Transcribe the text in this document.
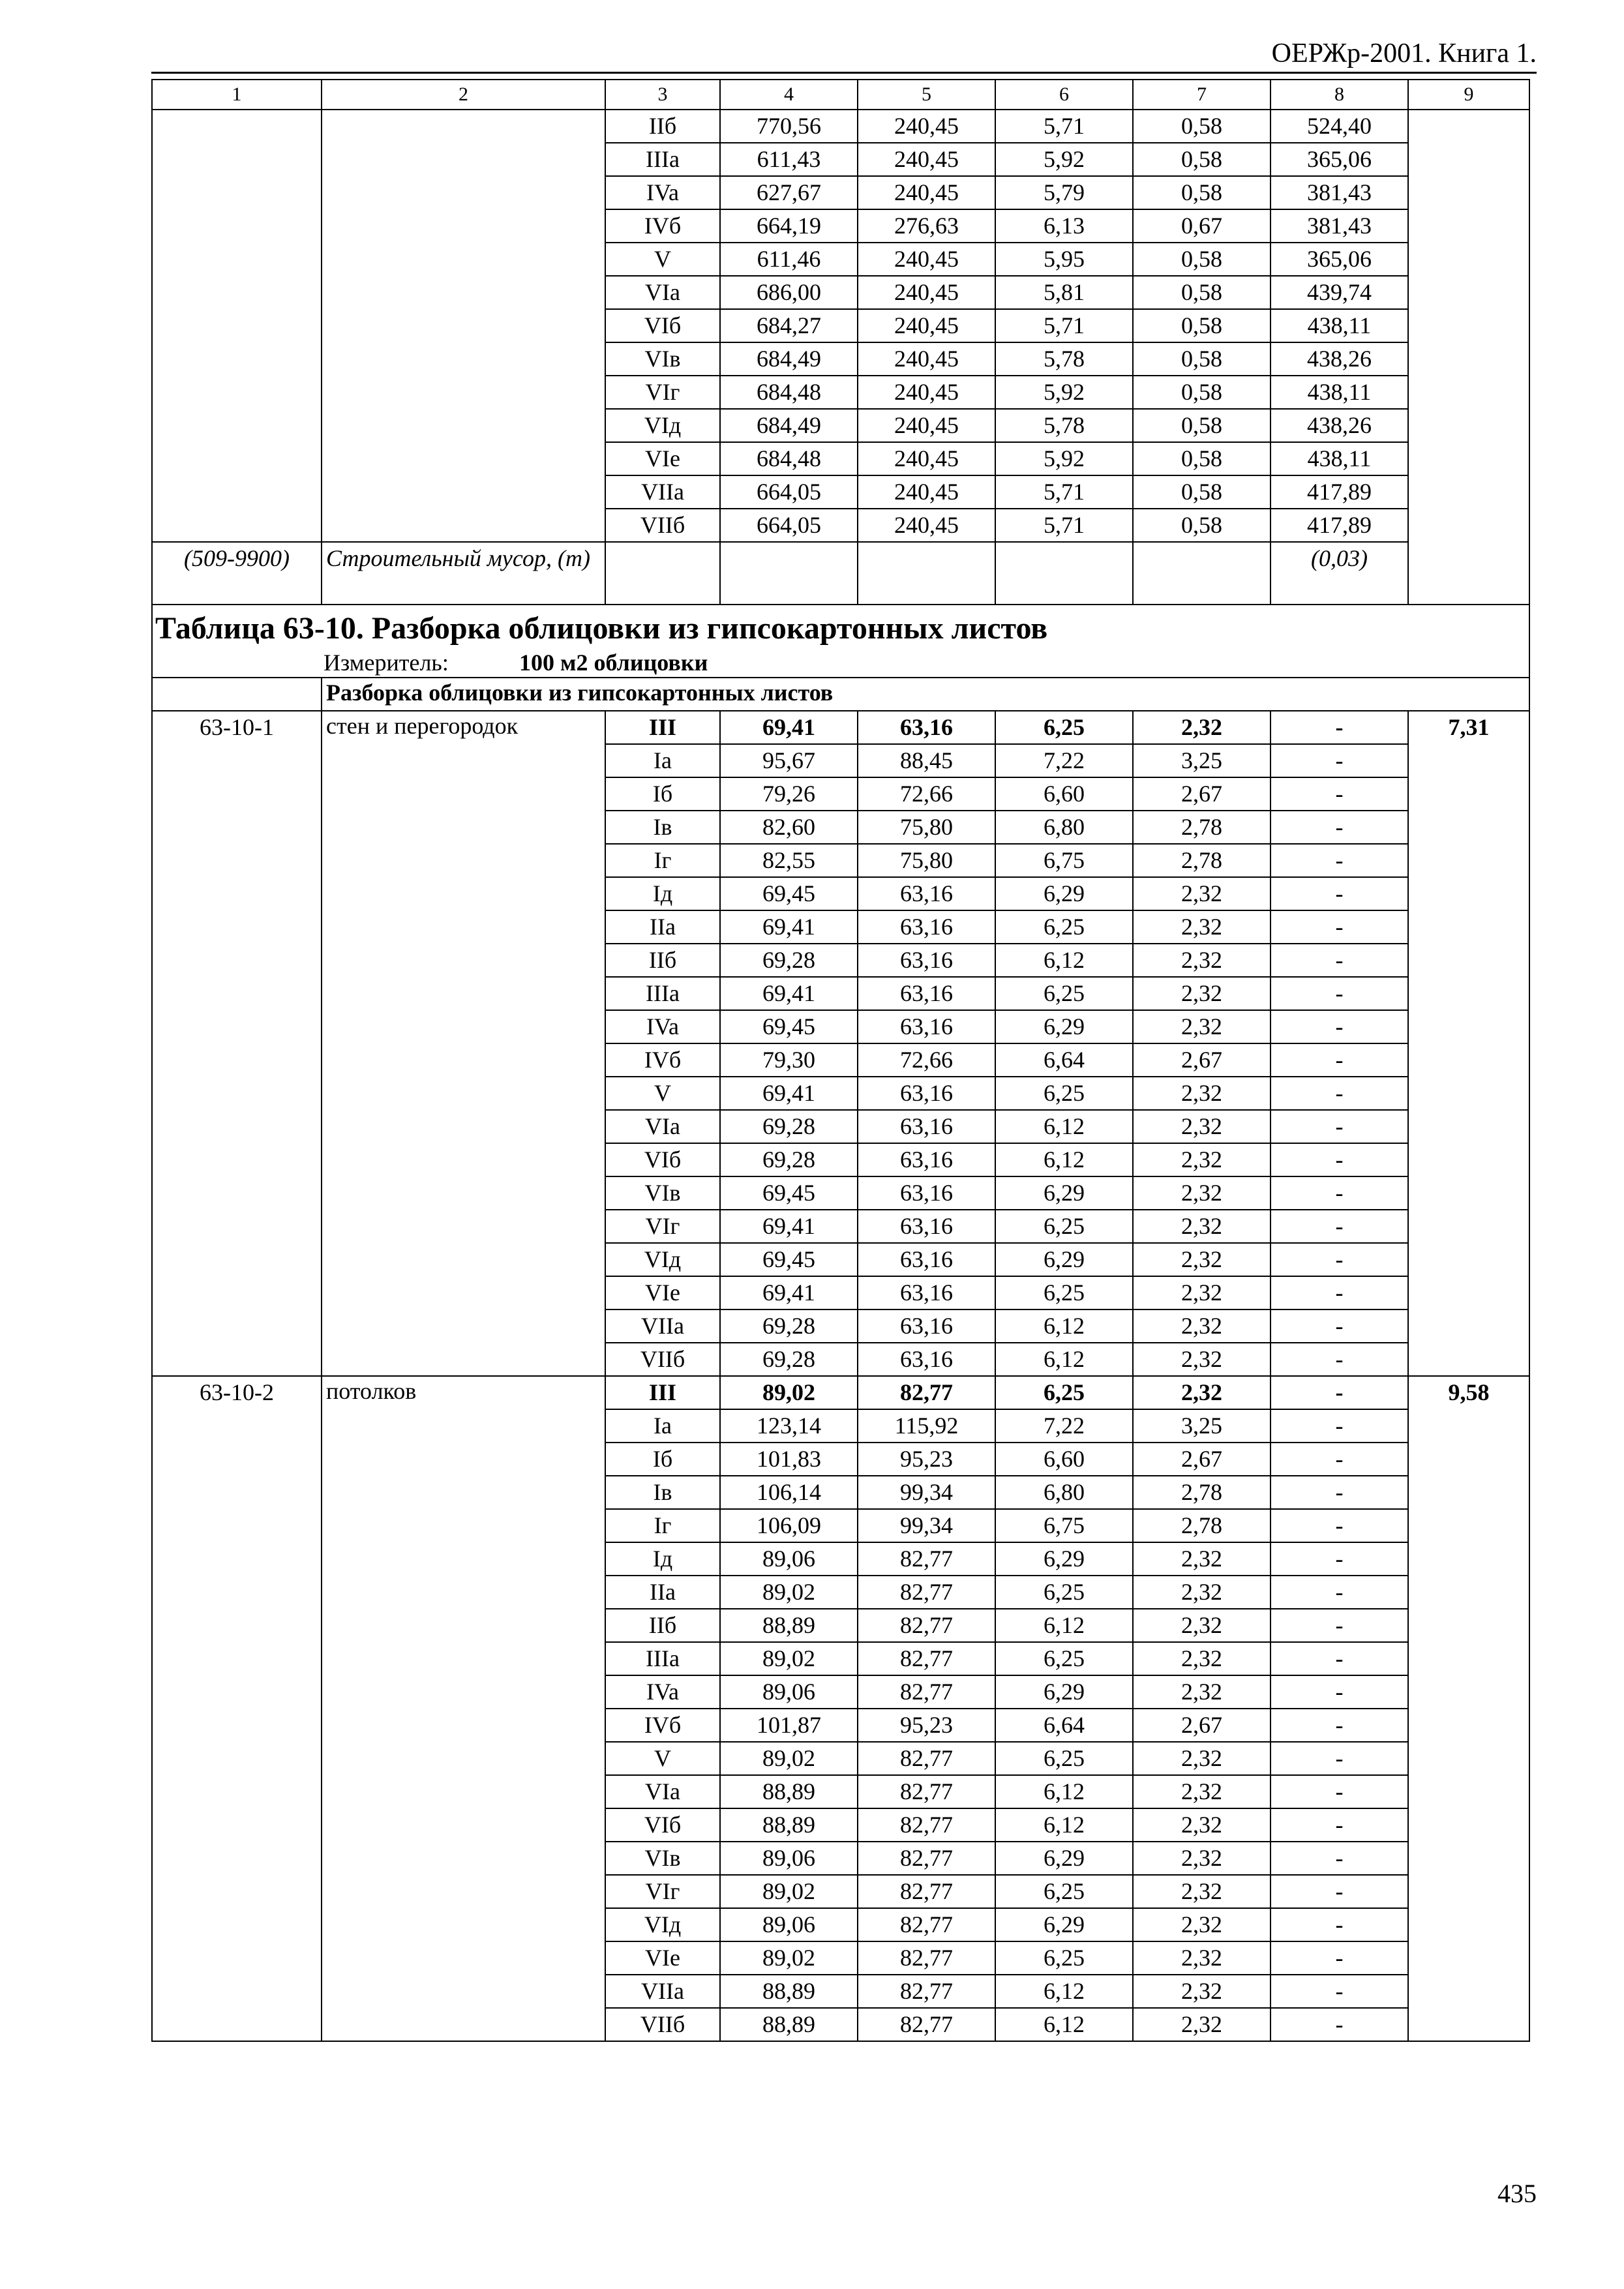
ОЕРЖр-2001. Книга 1.
1	2	3	4	5	6	7	8	9
		IIб	770,56	240,45	5,71	0,58	524,40	
		IIIa	611,43	240,45	5,92	0,58	365,06	
		IVa	627,67	240,45	5,79	0,58	381,43	
		IVб	664,19	276,63	6,13	0,67	381,43	
		V	611,46	240,45	5,95	0,58	365,06	
		VIa	686,00	240,45	5,81	0,58	439,74	
		VIб	684,27	240,45	5,71	0,58	438,11	
		VIв	684,49	240,45	5,78	0,58	438,26	
		VIг	684,48	240,45	5,92	0,58	438,11	
		VIд	684,49	240,45	5,78	0,58	438,26	
		VIe	684,48	240,45	5,92	0,58	438,11	
		VIIa	664,05	240,45	5,71	0,58	417,89	
		VIIб	664,05	240,45	5,71	0,58	417,89	
(509-9900)	Строительный мусор, (т)						(0,03)	
Таблица 63-10. Разборка облицовки из гипсокартонных листов								
Измеритель: 100 м2 облицовки								
	Разборка облицовки из гипсокартонных листов							
63-10-1	стен и перегородок	III	69,41	63,16	6,25	2,32	-	7,31
		Ia	95,67	88,45	7,22	3,25	-	
		Iб	79,26	72,66	6,60	2,67	-	
		Iв	82,60	75,80	6,80	2,78	-	
		Iг	82,55	75,80	6,75	2,78	-	
		Iд	69,45	63,16	6,29	2,32	-	
		IIa	69,41	63,16	6,25	2,32	-	
		IIб	69,28	63,16	6,12	2,32	-	
		IIIa	69,41	63,16	6,25	2,32	-	
		IVa	69,45	63,16	6,29	2,32	-	
		IVб	79,30	72,66	6,64	2,67	-	
		V	69,41	63,16	6,25	2,32	-	
		VIa	69,28	63,16	6,12	2,32	-	
		VIб	69,28	63,16	6,12	2,32	-	
		VIв	69,45	63,16	6,29	2,32	-	
		VIг	69,41	63,16	6,25	2,32	-	
		VIд	69,45	63,16	6,29	2,32	-	
		VIe	69,41	63,16	6,25	2,32	-	
		VIIa	69,28	63,16	6,12	2,32	-	
		VIIб	69,28	63,16	6,12	2,32	-	
63-10-2	потолков	III	89,02	82,77	6,25	2,32	-	9,58
		Ia	123,14	115,92	7,22	3,25	-	
		Iб	101,83	95,23	6,60	2,67	-	
		Iв	106,14	99,34	6,80	2,78	-	
		Iг	106,09	99,34	6,75	2,78	-	
		Iд	89,06	82,77	6,29	2,32	-	
		IIa	89,02	82,77	6,25	2,32	-	
		IIб	88,89	82,77	6,12	2,32	-	
		IIIa	89,02	82,77	6,25	2,32	-	
		IVa	89,06	82,77	6,29	2,32	-	
		IVб	101,87	95,23	6,64	2,67	-	
		V	89,02	82,77	6,25	2,32	-	
		VIa	88,89	82,77	6,12	2,32	-	
		VIб	88,89	82,77	6,12	2,32	-	
		VIв	89,06	82,77	6,29	2,32	-	
		VIг	89,02	82,77	6,25	2,32	-	
		VIд	89,06	82,77	6,29	2,32	-	
		VIe	89,02	82,77	6,25	2,32	-	
		VIIa	88,89	82,77	6,12	2,32	-	
		VIIб	88,89	82,77	6,12	2,32	-	
435
